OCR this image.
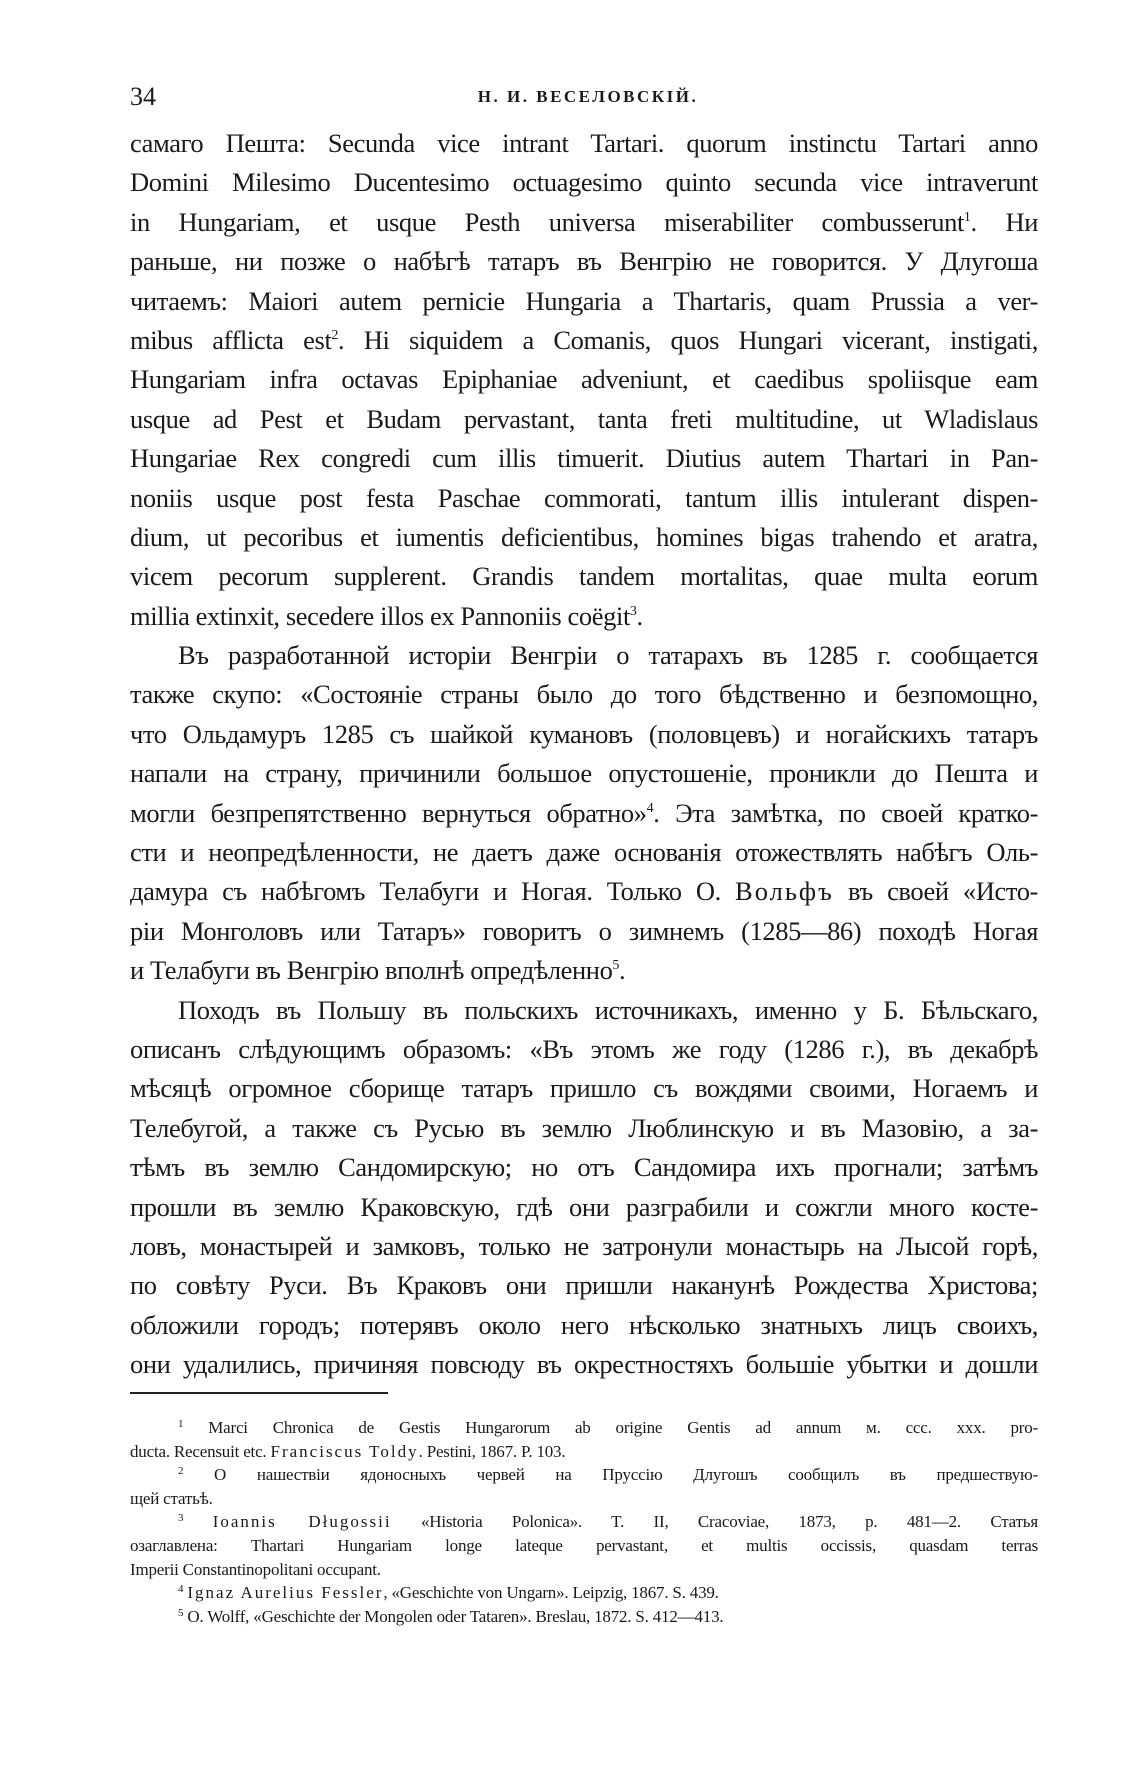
34	Н. И. ВЕСЕЛОВСКІЙ.
самаго Пешта: Secunda vice intrant Tartari. quorum instinctu Tartari anno
Domini Milesimo Ducentesimo octuagesimo quinto secunda vice intraverunt
in Hungariam, et usque Pesth universa miserabiliter combusserunt$^1$. Ни
раньше, ни позже о набѣгѣ татаръ въ Венгрію не говорится. У Длугоша
читаемъ: Maiori autem pernicie Hungaria a Thartaris, quam Prussia a ver-
mibus afflicta est$^2$. Hi siquidem a Comanis, quos Hungari vicerant, instigati,
Hungariam infra octavas Epiphaniae adveniunt, et caedibus spoliisque eam
usque ad Pest et Budam pervastant, tanta freti multitudine, ut Wladislaus
Hungariae Rex congredi cum illis timuerit. Diutius autem Thartari in Pan-
noniis usque post festa Paschae commorati, tantum illis intulerant dispen-
dium, ut pecoribus et iumentis deficientibus, homines bigas trahendo et aratra,
vicem pecorum supplerent. Grandis tandem mortalitas, quae multa eorum
millia extinxit, secedere illos ex Pannoniis coëgit$^3$.
Въ разработанной исторіи Венгріи о татарахъ въ 1285 г. сообщается
также скупо: «Состояніе страны было до того бѣдственно и безпомощно,
что Ольдамуръ 1285 съ шайкой кумановъ (половцевъ) и ногайскихъ татаръ
напали на страну, причинили большое опустошеніе, проникли до Пешта и
могли безпрепятственно вернуться обратно»$^4$. Эта замѣтка, по своей кратко-
сти и неопредѣленности, не даетъ даже основанія отожествлять набѣгъ Оль-
дамура съ набѣгомъ Телабуги и Ногая. Только О. Вольфъ въ своей «Исто-
ріи Монголовъ или Татаръ» говоритъ о зимнемъ (1285—86) походѣ Ногая
и Телабуги въ Венгрію вполнѣ опредѣленно$^5$.
Походъ въ Польшу въ польскихъ источникахъ, именно у Б. Бѣльскаго,
описанъ слѣдующимъ образомъ: «Въ этомъ же году (1286 г.), въ декабрѣ
мѣсяцѣ огромное сборище татаръ пришло съ вождями своими, Ногаемъ и
Телебугой, а также съ Русью въ землю Люблинскую и въ Мазовію, а за-
тѣмъ въ землю Сандомирскую; но отъ Сандомира ихъ прогнали; затѣмъ
прошли въ землю Краковскую, гдѣ они разграбили и сожгли много косте-
ловъ, монастырей и замковъ, только не затронули монастырь на Лысой горѣ,
по совѣту Руси. Въ Краковъ они пришли наканунѣ Рождества Христова;
обложили городъ; потерявъ около него нѣсколько знатныхъ лицъ своихъ,
они удалились, причиняя повсюду въ окрестностяхъ большіе убытки и дошли
$^1$ Marci Chronica de Gestis Hungarorum ab origine Gentis ad annum м. ccc. xxx. pro-
ducta. Recensuit etc. Franciscus Toldy. Pestini, 1867. P. 103.
$^2$ О нашествіи ядоносныхъ червей на Пруссію Длугошъ сообщилъ въ предшествую-
щей статьѣ.
$^3$ Ioannis Długossii «Historia Polonica». T. II, Cracoviae, 1873, p. 481—2. Статья
озаглавлена: Thartari Hungariam longe lateque pervastant, et multis occissis, quasdam terras
Imperii Constantinopolitani occupant.
$^4$ Ignaz Aurelius Fessler, «Geschichte von Ungarn». Leipzig, 1867. S. 439.
$^5$ O. Wolff, «Geschichte der Mongolen oder Tataren». Breslau, 1872. S. 412—413.
